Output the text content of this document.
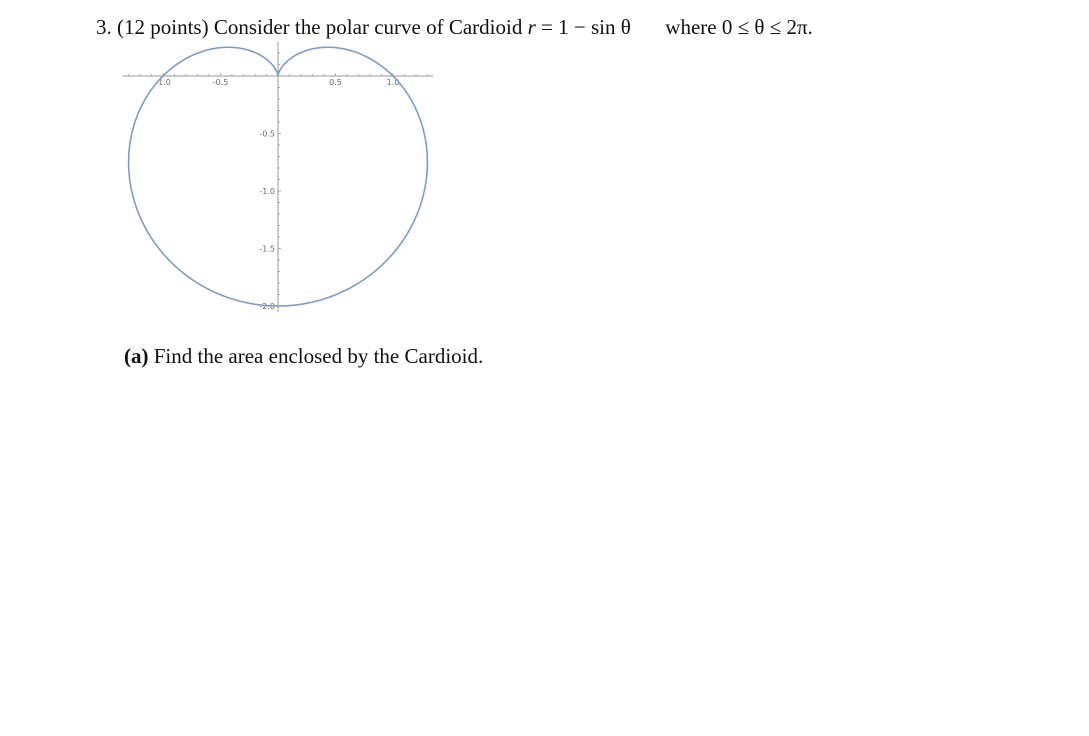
3. (12 points) Consider the polar curve of Cardioid r = 1 − sin θ where 0 ≤ θ ≤ 2π.
-1.0	-0.5	0.5	1.0
-0.5
-1.0
-1.5
-2.0
(a) Find the area enclosed by the Cardioid.
